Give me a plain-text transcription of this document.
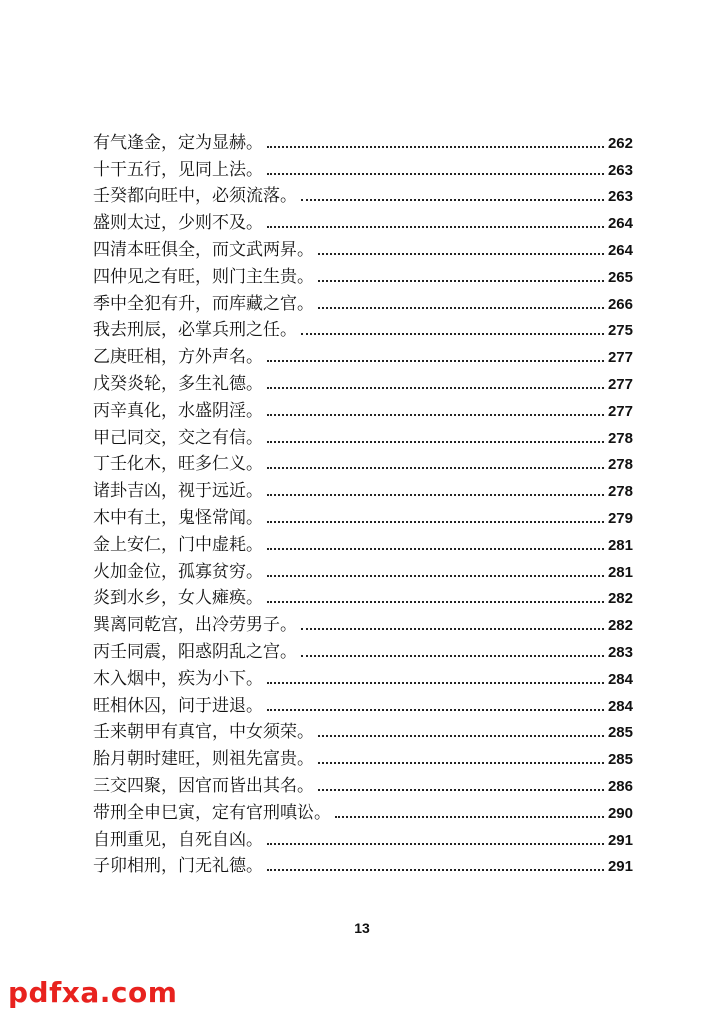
有气逢金，定为显赫。	262
十干五行，见同上法。	263
壬癸都向旺中，必须流落。	263
盛则太过，少则不及。	264
四清本旺俱全，而文武两昇。	264
四仲见之有旺，则门主生贵。	265
季中全犯有升，而库藏之官。	266
我去刑辰，必掌兵刑之任。	275
乙庚旺相，方外声名。	277
戊癸炎轮，多生礼德。	277
丙辛真化，水盛阴淫。	277
甲己同交，交之有信。	278
丁壬化木，旺多仁义。	278
诸卦吉凶，视于远近。	278
木中有土，鬼怪常闻。	279
金上安仁，门中虚耗。	281
火加金位，孤寡贫穷。	281
炎到水乡，女人瘫痪。	282
巽离同乾宫，出冷劳男子。	282
丙壬同震，阳惑阴乱之宫。	283
木入烟中，疾为小下。	284
旺相休囚，问于进退。	284
壬来朝甲有真官，中女须荣。	285
胎月朝时建旺，则祖先富贵。	285
三交四聚，因官而皆出其名。	286
带刑全申巳寅，定有官刑嗔讼。	290
自刑重见，自死自凶。	291
子卯相刑，门无礼德。	291
13
pdfxa.com
